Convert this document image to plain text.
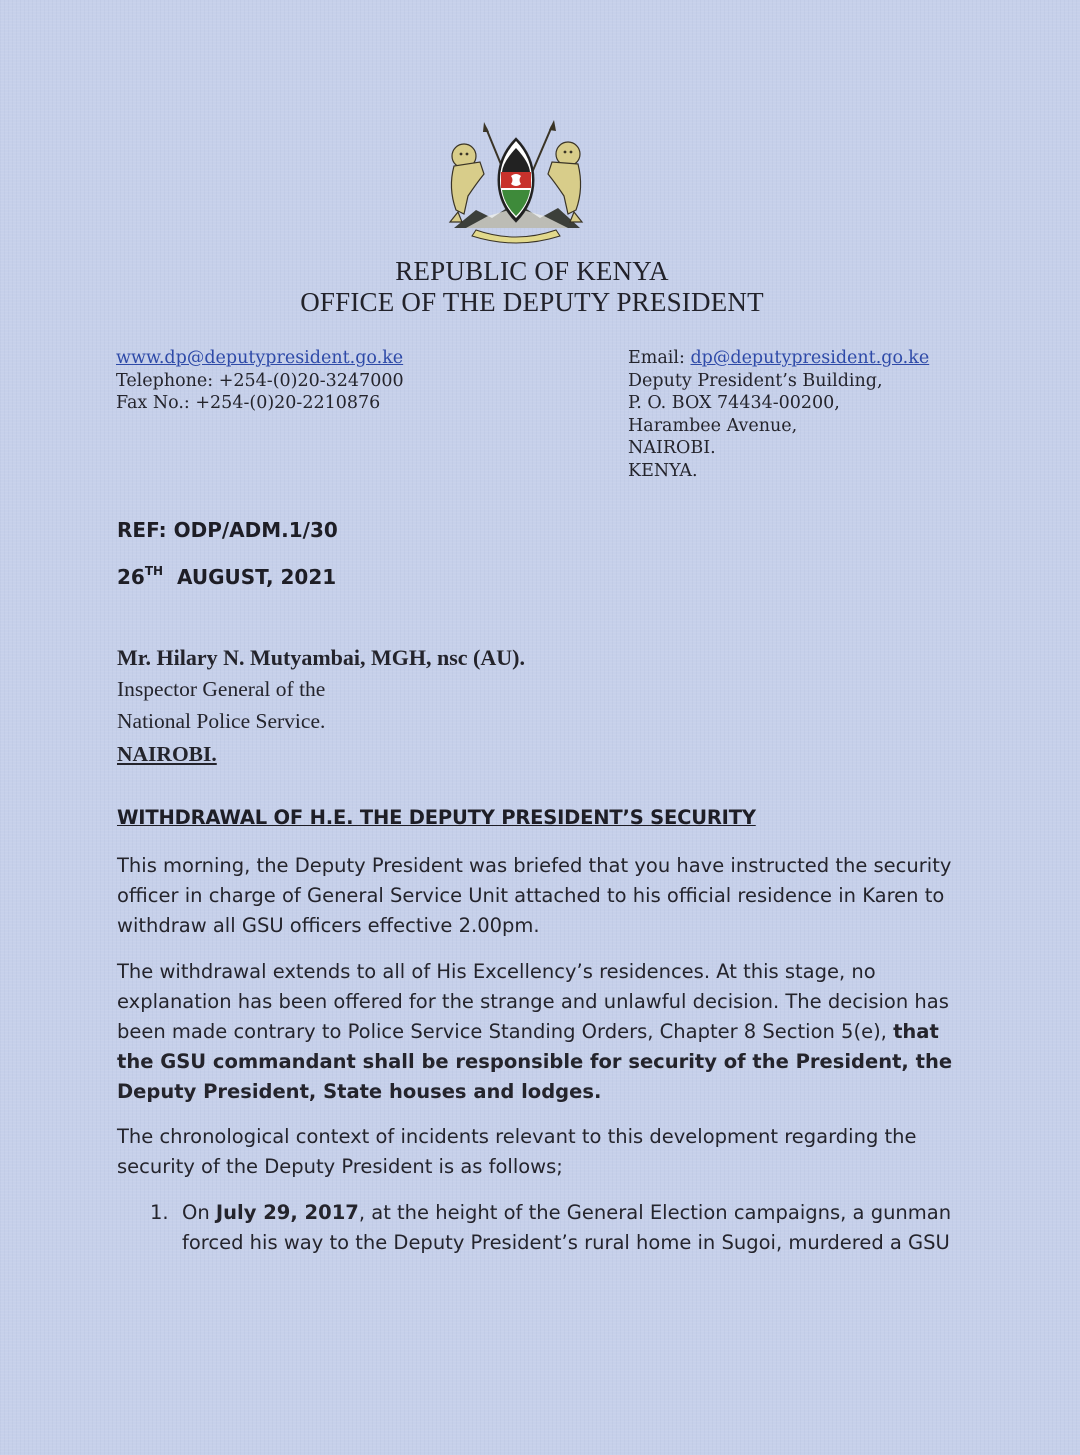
REPUBLIC OF KENYA
OFFICE OF THE DEPUTY PRESIDENT
www.dp@deputypresident.go.ke
Telephone: +254-(0)20-3247000
Fax No.: +254-(0)20-2210876
Email: dp@deputypresident.go.ke
Deputy President’s Building,
P. O. BOX 74434-00200,
Harambee Avenue,
NAIROBI.
KENYA.
REF: ODP/ADM.1/30
26TH  AUGUST, 2021
Mr. Hilary N. Mutyambai, MGH, nsc (AU).
Inspector General of the
National Police Service.
NAIROBI.
WITHDRAWAL OF H.E. THE DEPUTY PRESIDENT’S SECURITY
This morning, the Deputy President was briefed that you have instructed the security
officer in charge of General Service Unit attached to his official residence in Karen to
withdraw all GSU officers effective 2.00pm.
The withdrawal extends to all of His Excellency’s residences. At this stage, no
explanation has been offered for the strange and unlawful decision. The decision has
been made contrary to Police Service Standing Orders, Chapter 8 Section 5(e), that
the GSU commandant shall be responsible for security of the President, the
Deputy President, State houses and lodges.
The chronological context of incidents relevant to this development regarding the
security of the Deputy President is as follows;
1. On July 29, 2017, at the height of the General Election campaigns, a gunman
forced his way to the Deputy President’s rural home in Sugoi, murdered a GSU
